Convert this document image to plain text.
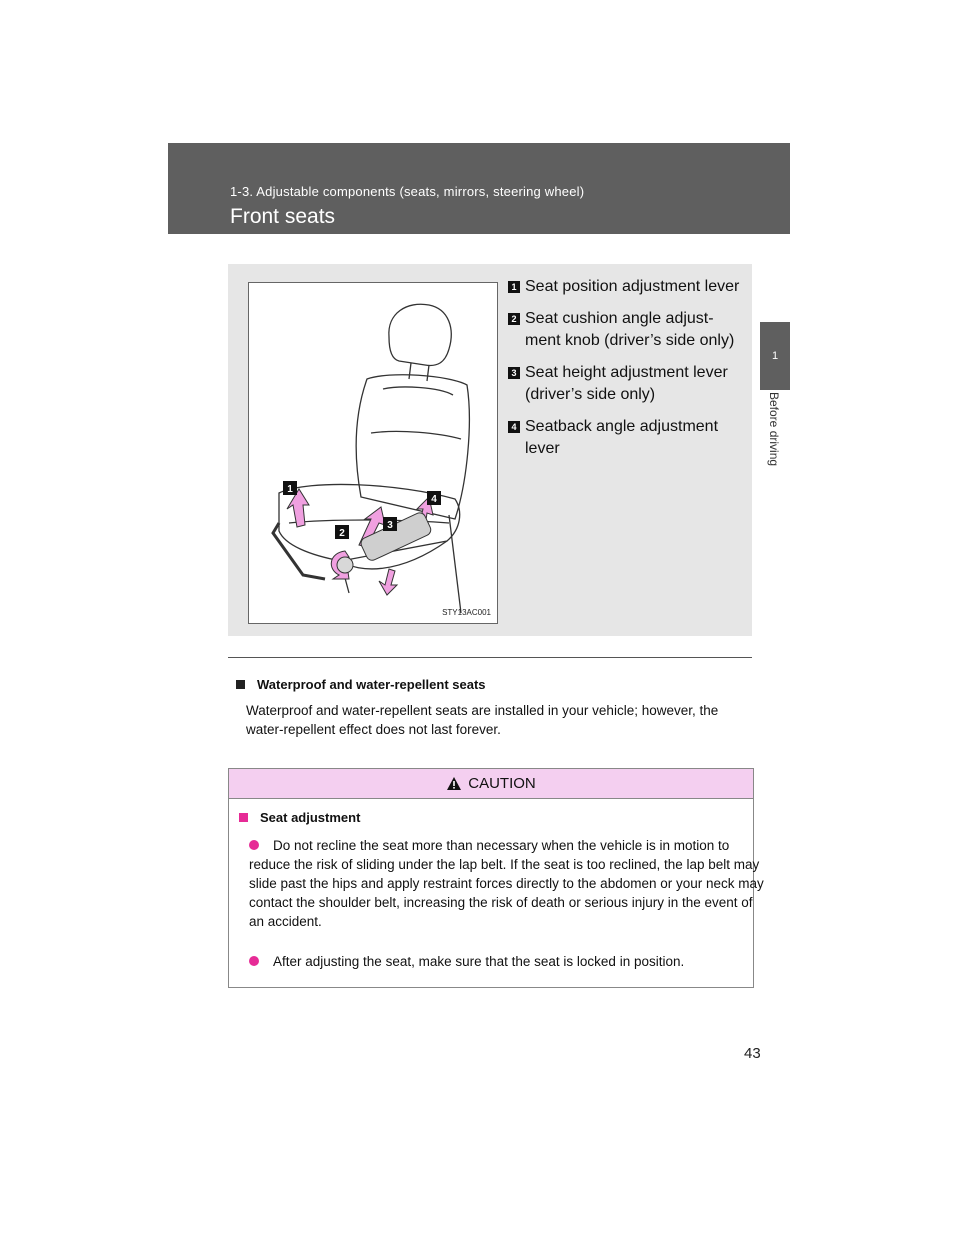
1‑3. Adjustable components (seats, mirrors, steering wheel)
Front seats
1
Before driving
1
2
3
4
STY13AC001
1 Seat position adjustment lever
2 Seat cushion angle adjust‑ ment knob (driver’s side only)
3 Seat height adjustment lever (driver’s side only)
4 Seatback angle adjustment lever
Waterproof and water‑repellent seats
Waterproof and water‑repellent seats are installed in your vehicle; however, the water‑repellent effect does not last forever.
CAUTION
Seat adjustment
Do not recline the seat more than necessary when the vehicle is in motion to reduce the risk of sliding under the lap belt. If the seat is too reclined, the lap belt may slide past the hips and apply restraint forces directly to the abdomen or your neck may contact the shoulder belt, increasing the risk of death or serious injury in the event of an accident.
After adjusting the seat, make sure that the seat is locked in position.
43
